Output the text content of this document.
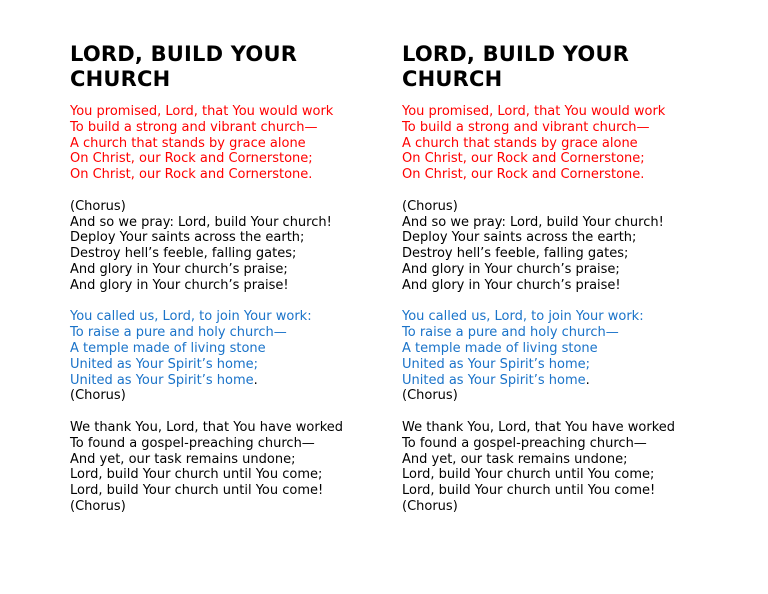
LORD, BUILD YOUR
CHURCH
You promised, Lord, that You would work
To build a strong and vibrant church—
A church that stands by grace alone
On Christ, our Rock and Cornerstone;
On Christ, our Rock and Cornerstone.
(Chorus)
And so we pray: Lord, build Your church!
Deploy Your saints across the earth;
Destroy hell’s feeble, falling gates;
And glory in Your church’s praise;
And glory in Your church’s praise!
You called us, Lord, to join Your work:
To raise a pure and holy church—
A temple made of living stone
United as Your Spirit’s home;
United as Your Spirit’s home.
(Chorus)
We thank You, Lord, that You have worked
To found a gospel-preaching church—
And yet, our task remains undone;
Lord, build Your church until You come;
Lord, build Your church until You come!
(Chorus)
LORD, BUILD YOUR
CHURCH
You promised, Lord, that You would work
To build a strong and vibrant church—
A church that stands by grace alone
On Christ, our Rock and Cornerstone;
On Christ, our Rock and Cornerstone.
(Chorus)
And so we pray: Lord, build Your church!
Deploy Your saints across the earth;
Destroy hell’s feeble, falling gates;
And glory in Your church’s praise;
And glory in Your church’s praise!
You called us, Lord, to join Your work:
To raise a pure and holy church—
A temple made of living stone
United as Your Spirit’s home;
United as Your Spirit’s home.
(Chorus)
We thank You, Lord, that You have worked
To found a gospel-preaching church—
And yet, our task remains undone;
Lord, build Your church until You come;
Lord, build Your church until You come!
(Chorus)
